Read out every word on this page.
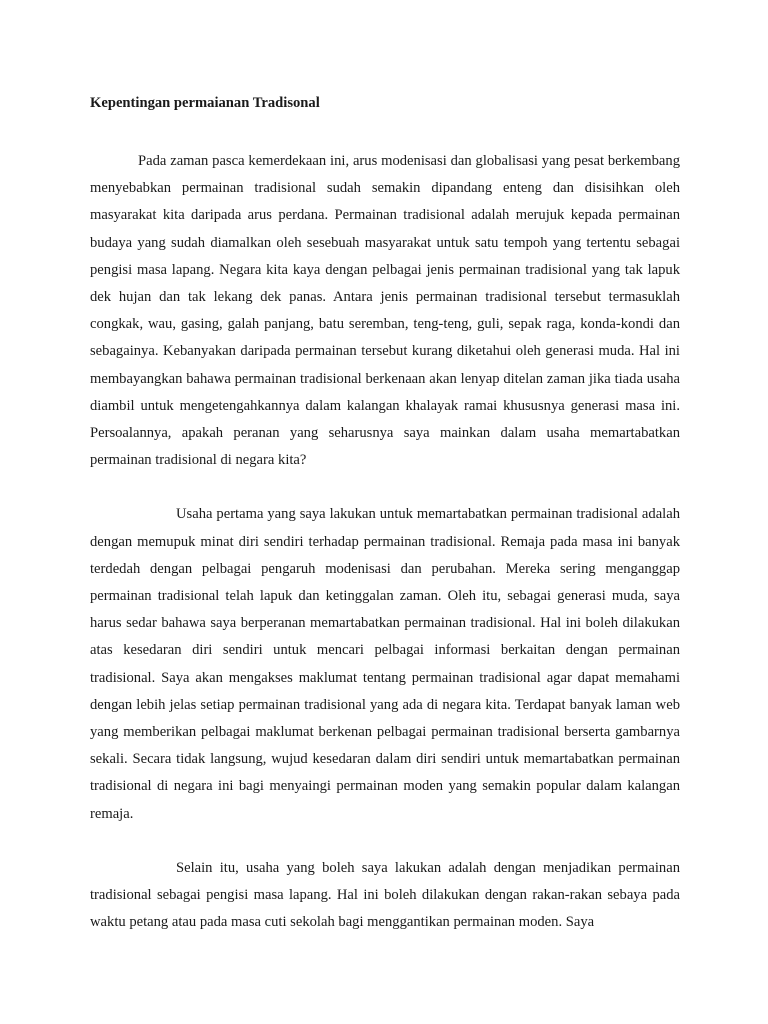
Kepentingan permaianan Tradisonal

Pada zaman pasca kemerdekaan ini, arus modenisasi dan globalisasi yang pesat berkembang menyebabkan permainan tradisional sudah semakin dipandang enteng dan disisihkan oleh masyarakat kita daripada arus perdana. Permainan tradisional adalah merujuk kepada permainan budaya yang sudah diamalkan oleh sesebuah masyarakat untuk satu tempoh yang tertentu sebagai pengisi masa lapang. Negara kita kaya dengan pelbagai jenis permainan tradisional yang tak lapuk dek hujan dan tak lekang dek panas. Antara jenis permainan tradisional tersebut termasuklah congkak, wau, gasing, galah panjang, batu seremban, teng-teng, guli, sepak raga, konda-kondi dan sebagainya. Kebanyakan daripada permainan tersebut kurang diketahui oleh generasi muda. Hal ini membayangkan bahawa permainan tradisional berkenaan akan lenyap ditelan zaman jika tiada usaha diambil untuk mengetengahkannya dalam kalangan khalayak ramai khususnya generasi masa ini. Persoalannya, apakah peranan yang seharusnya saya mainkan dalam usaha memartabatkan permainan tradisional di negara kita?

Usaha pertama yang saya lakukan untuk memartabatkan permainan tradisional adalah dengan memupuk minat diri sendiri terhadap permainan tradisional. Remaja pada masa ini banyak terdedah dengan pelbagai pengaruh modenisasi dan perubahan. Mereka sering menganggap permainan tradisional telah lapuk dan ketinggalan zaman. Oleh itu, sebagai generasi muda, saya harus sedar bahawa saya berperanan memartabatkan permainan tradisional. Hal ini boleh dilakukan atas kesedaran diri sendiri untuk mencari pelbagai informasi berkaitan dengan permainan tradisional. Saya akan mengakses maklumat tentang permainan tradisional agar dapat memahami dengan lebih jelas setiap permainan tradisional yang ada di negara kita. Terdapat banyak laman web yang memberikan pelbagai maklumat berkenan pelbagai permainan tradisional berserta gambarnya sekali. Secara tidak langsung, wujud kesedaran dalam diri sendiri untuk memartabatkan permainan tradisional di negara ini bagi menyaingi permainan moden yang semakin popular dalam kalangan remaja.

Selain itu, usaha yang boleh saya lakukan adalah dengan menjadikan permainan tradisional sebagai pengisi masa lapang. Hal ini boleh dilakukan dengan rakan-rakan sebaya pada waktu petang atau pada masa cuti sekolah bagi menggantikan permainan moden. Saya
